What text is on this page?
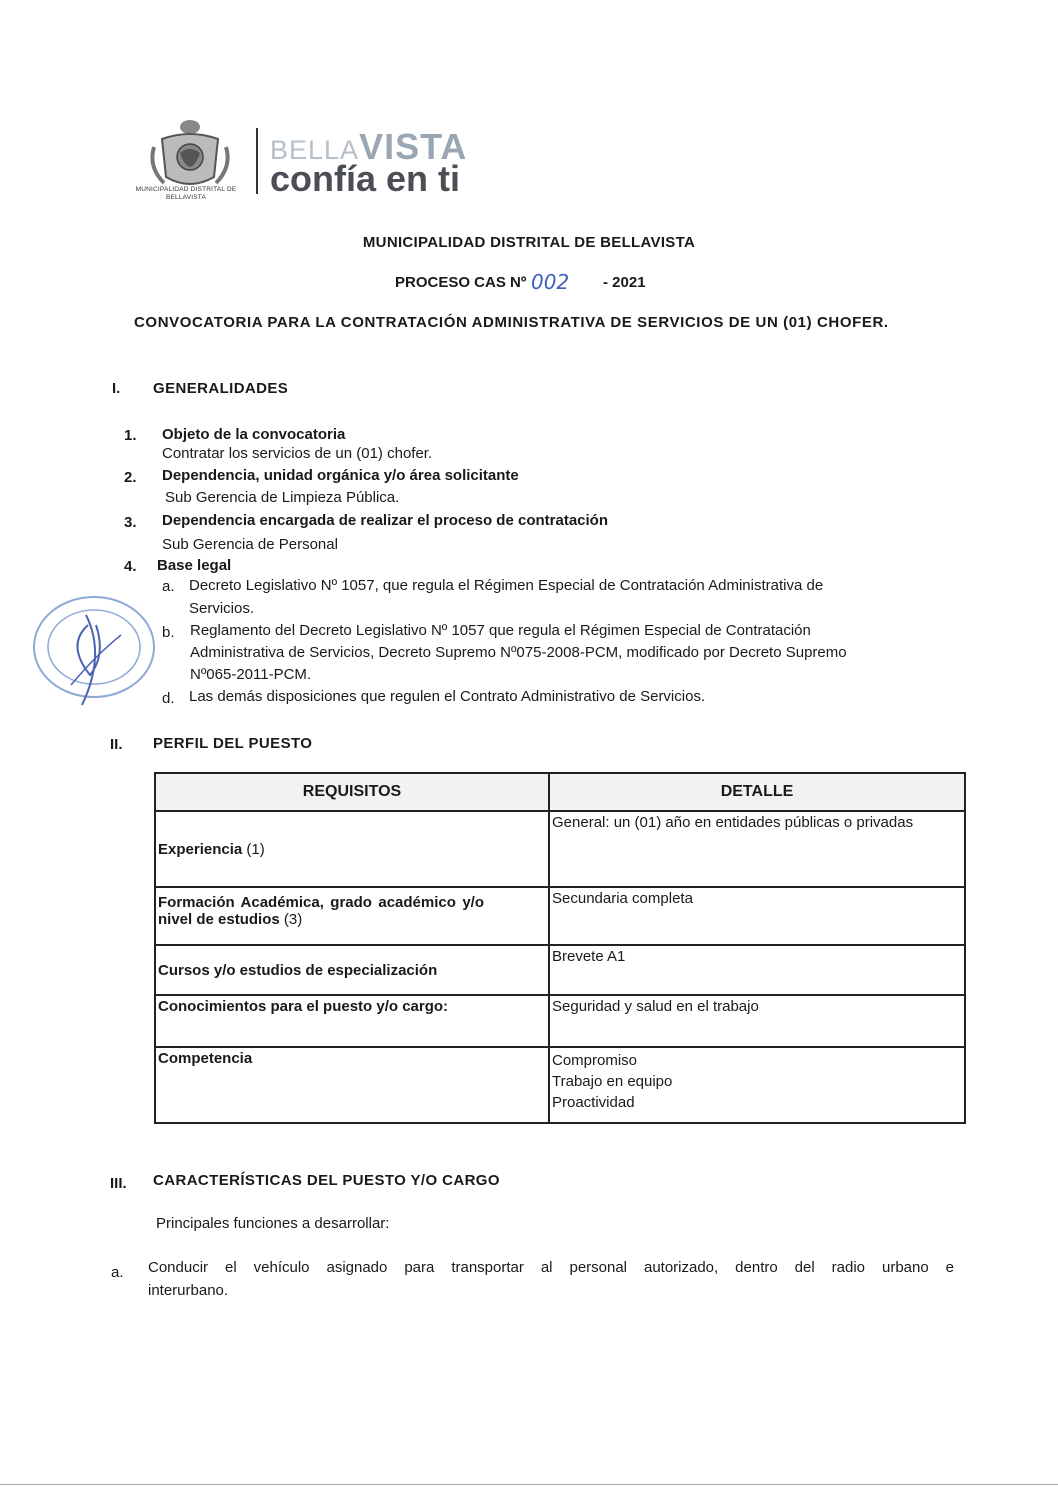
MUNICIPALIDAD DISTRITAL DE BELLAVISTA
BELLAVISTA
confía en ti
MUNICIPALIDAD DISTRITAL DE BELLAVISTA
PROCESO CAS Nº 002 - 2021
CONVOCATORIA PARA LA CONTRATACIÓN ADMINISTRATIVA DE SERVICIOS DE UN (01) CHOFER.
I. GENERALIDADES
1. Objeto de la convocatoria
Contratar los servicios de un (01) chofer.
2. Dependencia, unidad orgánica y/o área solicitante
Sub Gerencia de Limpieza Pública.
3. Dependencia encargada de realizar el proceso de contratación
Sub Gerencia de Personal
4. Base legal
a. Decreto Legislativo Nº 1057, que regula el Régimen Especial de Contratación Administrativa de
Servicios.
b. Reglamento del Decreto Legislativo Nº 1057 que regula el Régimen Especial de Contratación
Administrativa de Servicios, Decreto Supremo Nº075-2008-PCM, modificado por Decreto Supremo
Nº065-2011-PCM.
d. Las demás disposiciones que regulen el Contrato Administrativo de Servicios.
II. PERFIL DEL PUESTO
REQUISITOS	DETALLE
Experiencia (1)	General: un (01) año en entidades públicas o privadas

Formación Académica, grado académico y/o nivel de estudios (3)	Secundaria completa

Cursos y/o estudios de especialización	Brevete A1

Conocimientos para el puesto y/o cargo:	Seguridad y salud en el trabajo

Competencia	Compromiso
Trabajo en equipo
Proactividad
III. CARACTERÍSTICAS DEL PUESTO Y/O CARGO
Principales funciones a desarrollar:
a. Conducir el vehículo asignado para transportar al personal autorizado, dentro del radio urbano e
interurbano.
